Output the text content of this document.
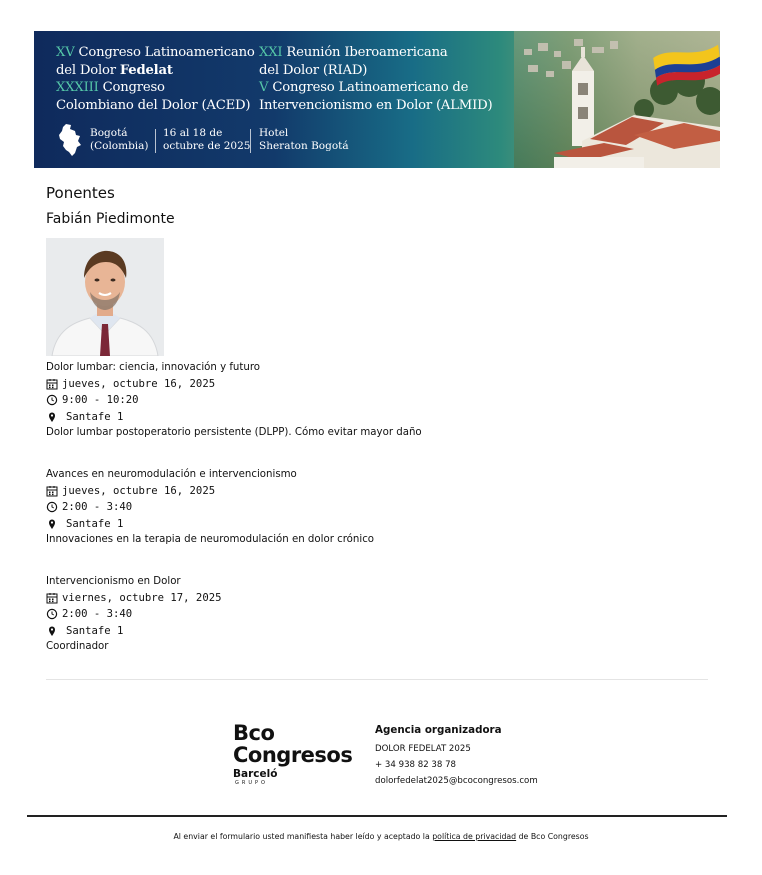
XV Congreso Latinoamericano
del Dolor Fedelat
XXXIII Congreso
Colombiano del Dolor (ACED)
XXI Reunión Iberoamericana
del Dolor (RIAD)
V Congreso Latinoamericano de
Intervencionismo en Dolor (ALMID)
Bogotá
(Colombia)
16 al 18 de
octubre de 2025
Hotel
Sheraton Bogotá
Ponentes
Fabián Piedimonte
Dolor lumbar: ciencia, innovación y futuro
jueves, octubre 16, 2025
9:00 - 10:20
Santafe 1
Dolor lumbar postoperatorio persistente (DLPP). Cómo evitar mayor daño
Avances en neuromodulación e intervencionismo
jueves, octubre 16, 2025
2:00 - 3:40
Santafe 1
Innovaciones en la terapia de neuromodulación en dolor crónico
Intervencionismo en Dolor
viernes, octubre 17, 2025
2:00 - 3:40
Santafe 1
Coordinador
Bco
Congresos
Barceló
GRUPO
Agencia organizadora
DOLOR FEDELAT 2025
+ 34 938 82 38 78
dolorfedelat2025@bcocongresos.com
Al enviar el formulario usted manifiesta haber leído y aceptado la política de privacidad de Bco Congresos
